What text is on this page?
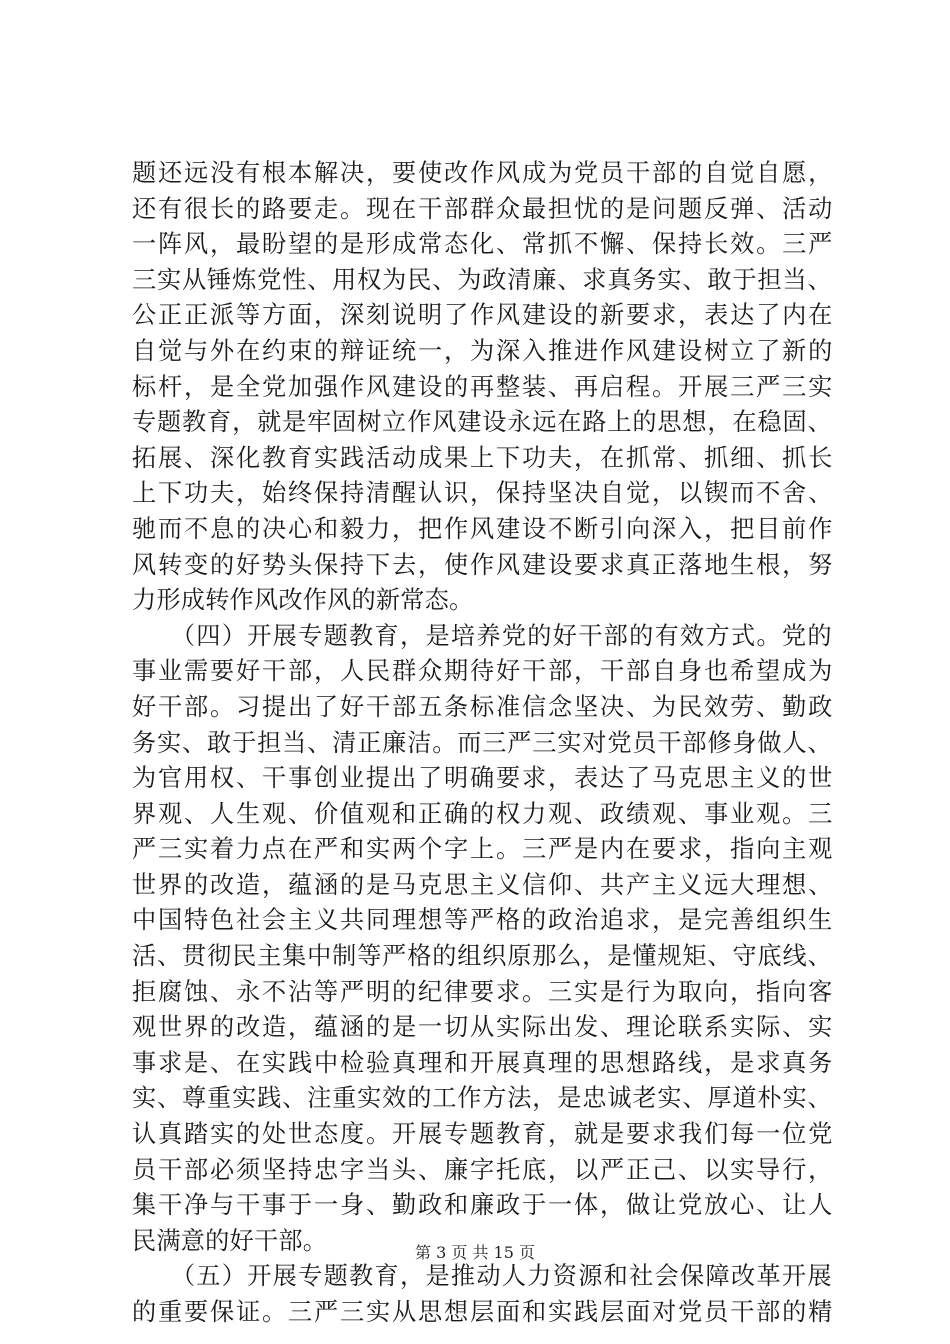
题还远没有根本解决，要使改作风成为党员干部的自觉自愿，
还有很长的路要走。现在干部群众最担忧的是问题反弹、活动
一阵风，最盼望的是形成常态化、常抓不懈、保持长效。三严
三实从锤炼党性、用权为民、为政清廉、求真务实、敢于担当、
公正正派等方面，深刻说明了作风建设的新要求，表达了内在
自觉与外在约束的辩证统一，为深入推进作风建设树立了新的
标杆，是全党加强作风建设的再整装、再启程。开展三严三实
专题教育，就是牢固树立作风建设永远在路上的思想，在稳固、
拓展、深化教育实践活动成果上下功夫，在抓常、抓细、抓长
上下功夫，始终保持清醒认识，保持坚决自觉，以锲而不舍、
驰而不息的决心和毅力，把作风建设不断引向深入，把目前作
风转变的好势头保持下去，使作风建设要求真正落地生根，努
力形成转作风改作风的新常态。
　　（四）开展专题教育，是培养党的好干部的有效方式。党的
事业需要好干部，人民群众期待好干部，干部自身也希望成为
好干部。习提出了好干部五条标准信念坚决、为民效劳、勤政
务实、敢于担当、清正廉洁。而三严三实对党员干部修身做人、
为官用权、干事创业提出了明确要求，表达了马克思主义的世
界观、人生观、价值观和正确的权力观、政绩观、事业观。三
严三实着力点在严和实两个字上。三严是内在要求，指向主观
世界的改造，蕴涵的是马克思主义信仰、共产主义远大理想、
中国特色社会主义共同理想等严格的政治追求，是完善组织生
活、贯彻民主集中制等严格的组织原那么，是懂规矩、守底线、
拒腐蚀、永不沾等严明的纪律要求。三实是行为取向，指向客
观世界的改造，蕴涵的是一切从实际出发、理论联系实际、实
事求是、在实践中检验真理和开展真理的思想路线，是求真务
实、尊重实践、注重实效的工作方法，是忠诚老实、厚道朴实、
认真踏实的处世态度。开展专题教育，就是要求我们每一位党
员干部必须坚持忠字当头、廉字托底，以严正己、以实导行，
集干净与干事于一身、勤政和廉政于一体，做让党放心、让人
民满意的好干部。
　　（五）开展专题教育，是推动人力资源和社会保障改革开展
的重要保证。三严三实从思想层面和实践层面对党员干部的精
第 3 页 共 15 页
